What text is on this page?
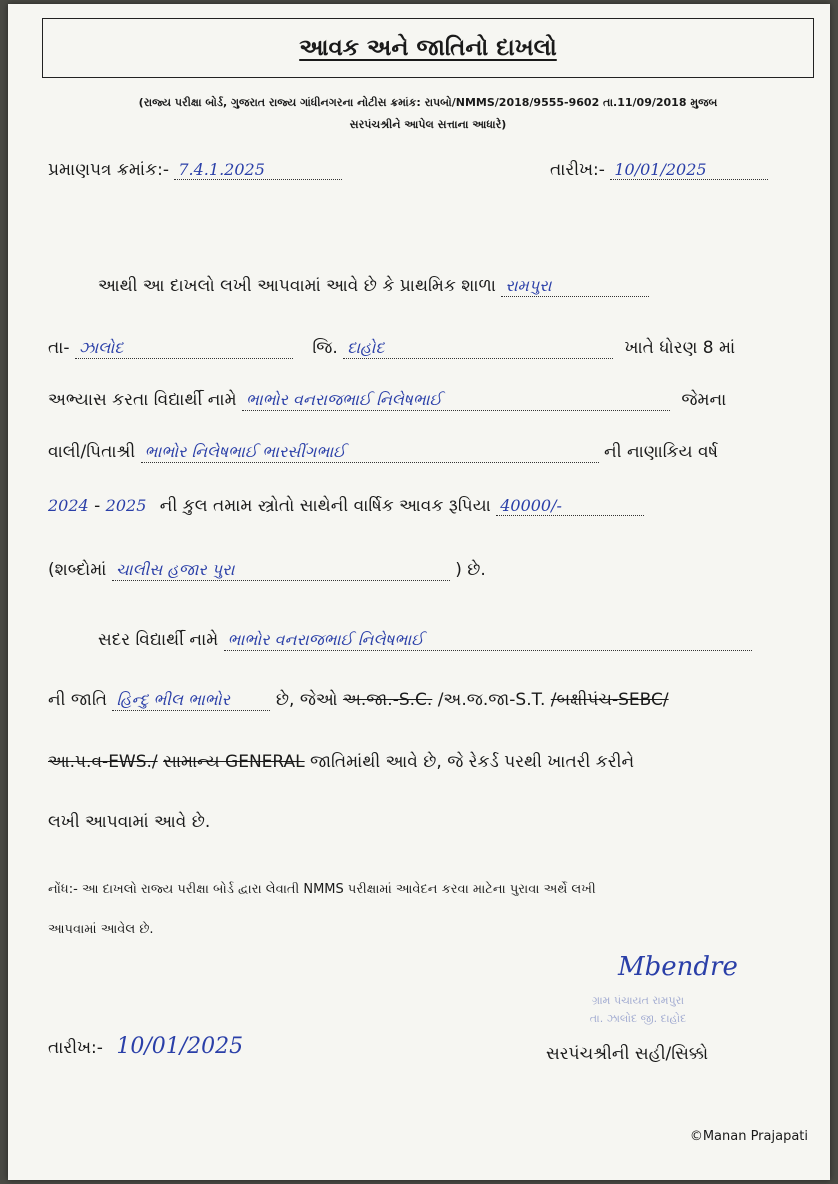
આવક અને જાતિનો દાખલો
(રાજ્ય પરીક્ષા બોર્ડ, ગુજરાત રાજ્ય ગાંધીનગરના નોટીસ ક્રમાંક: રાપબો/NMMS/2018/9555-9602 તા.11/09/2018 મુજબ
સરપંચશ્રીને આપેલ સત્તાના આધારે)
પ્રમાણપત્ર ક્રમાંક:- 7.4.1.2025	તારીખ:- 10/01/2025
આથી આ દાખલો લખી આપવામાં આવે છે કે પ્રાથમિક શાળા રામપુરા
તા- ઝાલોદ	જિ. દાહોદ	ખાતે ધોરણ 8 માં
અભ્યાસ કરતા વિદ્યાર્થી નામે ભાભોર વનરાજભાઈ નિલેષભાઈ	જેમના
વાલી/પિતાશ્રી ભાભોર નિલેષભાઈ ભારસીંગભાઈ	ની નાણાકિય વર્ષ
2024 - 2025 ની કુલ તમામ સ્ત્રોતો સાથેની વાર્ષિક આવક રૂપિયા 40000/-
(શબ્દોમાં ચાલીસ હજાર પુરા	) છે.
સદર વિદ્યાર્થી નામે ભાભોર વનરાજભાઈ નિલેષભાઈ
ની જાતિ હિન્દુ ભીલ ભાભોર	છે, જેઓ અ.જા.-S.C. /અ.જ.જા-S.T. /બક્ષીપંચ-SEBC/
આ.પ.વ-EWS./ સામાન્ય GENERAL જાતિમાંથી આવે છે, જે રેકર્ડ પરથી ખાતરી કરીને
લખી આપવામાં આવે છે.
નોંધ:- આ દાખલો રાજ્ય પરીક્ષા બોર્ડ દ્વારા લેવાતી NMMS પરીક્ષામાં આવેદન કરવા માટેના પુરાવા અર્થે લખી
આપવામાં આવેલ છે.
Mbendre
ગ્રામ પંચાયત રામપુરા
તા. ઝાલોદ જી. દાહોદ
તારીખ:- 10/01/2025	સરપંચશ્રીની સહી/સિક્કો
©Manan Prajapati
